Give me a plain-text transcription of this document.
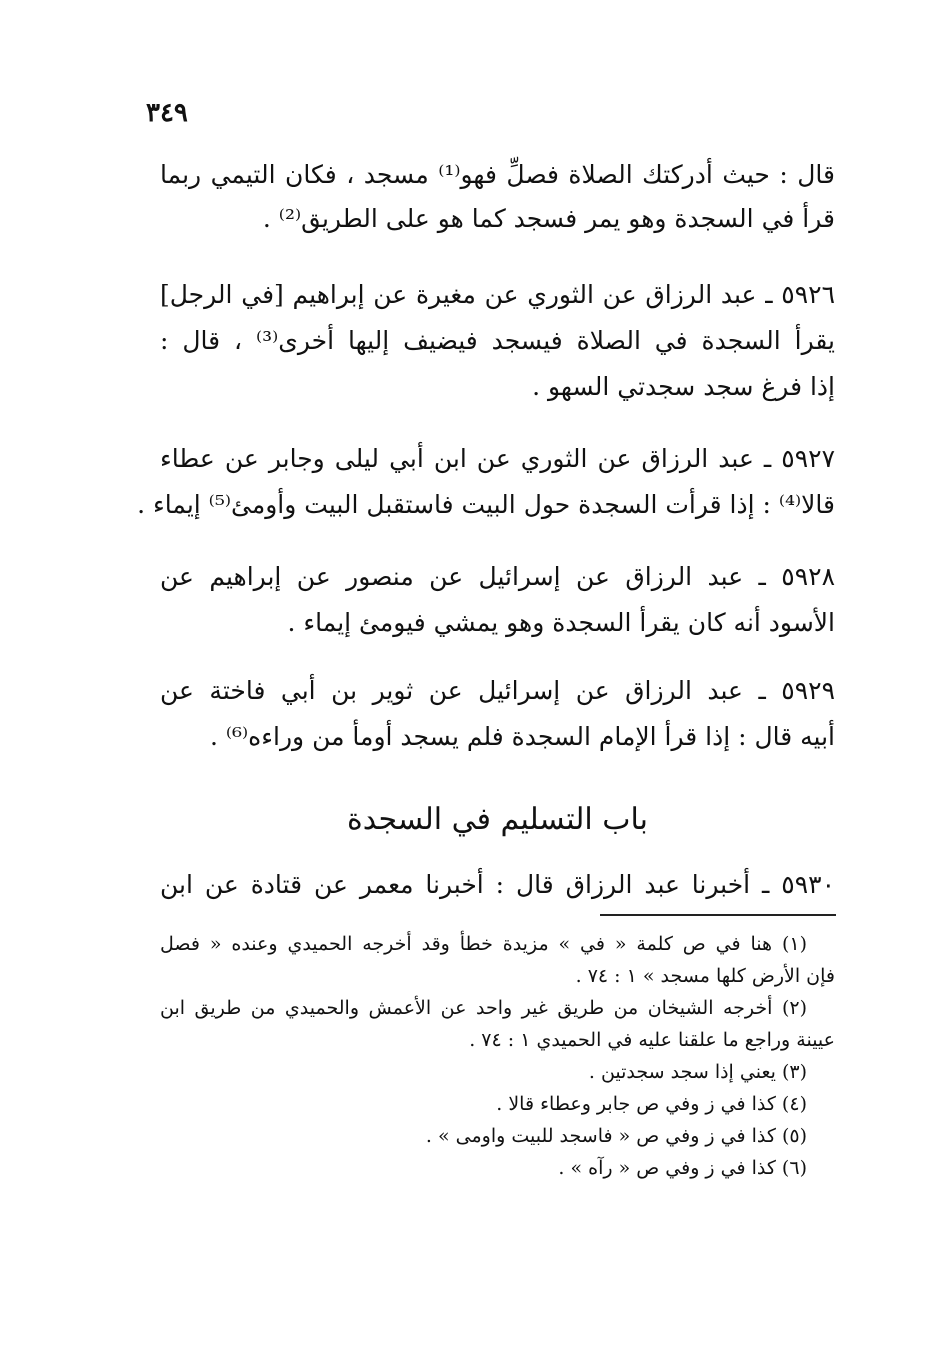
٣٤٩
قال : حيث أدركتك الصلاة فصلِّ فهو⁽¹⁾ مسجد ، فكان التيمي ربما
قرأ في السجدة وهو يمر فسجد كما هو على الطريق⁽²⁾ .
٥٩٢٦ ـ عبد الرزاق عن الثوري عن مغيرة عن إبراهيم [في الرجل]
يقرأ السجدة في الصلاة فيسجد فيضيف إليها أخرى⁽³⁾ ، قال :
إذا فرغ سجد سجدتي السهو .
٥٩٢٧ ـ عبد الرزاق عن الثوري عن ابن أبي ليلى وجابر عن عطاء
قالا⁽⁴⁾ : إذا قرأت السجدة حول البيت فاستقبل البيت وأومئ⁽⁵⁾ إيماء .
٥٩٢٨ ـ عبد الرزاق عن إسرائيل عن منصور عن إبراهيم عن
الأسود أنه كان يقرأ السجدة وهو يمشي فيومئ إيماء .
٥٩٢٩ ـ عبد الرزاق عن إسرائيل عن ثوير بن أبي فاختة عن
أبيه قال : إذا قرأ الإمام السجدة فلم يسجد أومأ من وراءه⁽⁶⁾ .
باب التسليم في السجدة
٥٩٣٠ ـ أخبرنا عبد الرزاق قال : أخبرنا معمر عن قتادة عن ابن
(١) هنا في ص كلمة « في » مزيدة خطأ وقد أخرجه الحميدي وعنده « فصل
فإن الأرض كلها مسجد » ١ : ٧٤ .
(٢) أخرجه الشيخان من طريق غير واحد عن الأعمش والحميدي من طريق ابن
عيينة وراجع ما علقنا عليه في الحميدي ١ : ٧٤ .
(٣) يعني إذا سجد سجدتين .
(٤) كذا في ز وفي ص جابر وعطاء قالا .
(٥) كذا في ز وفي ص « فاسجد للبيت واومى » .
(٦) كذا في ز وفي ص « رآه » .
